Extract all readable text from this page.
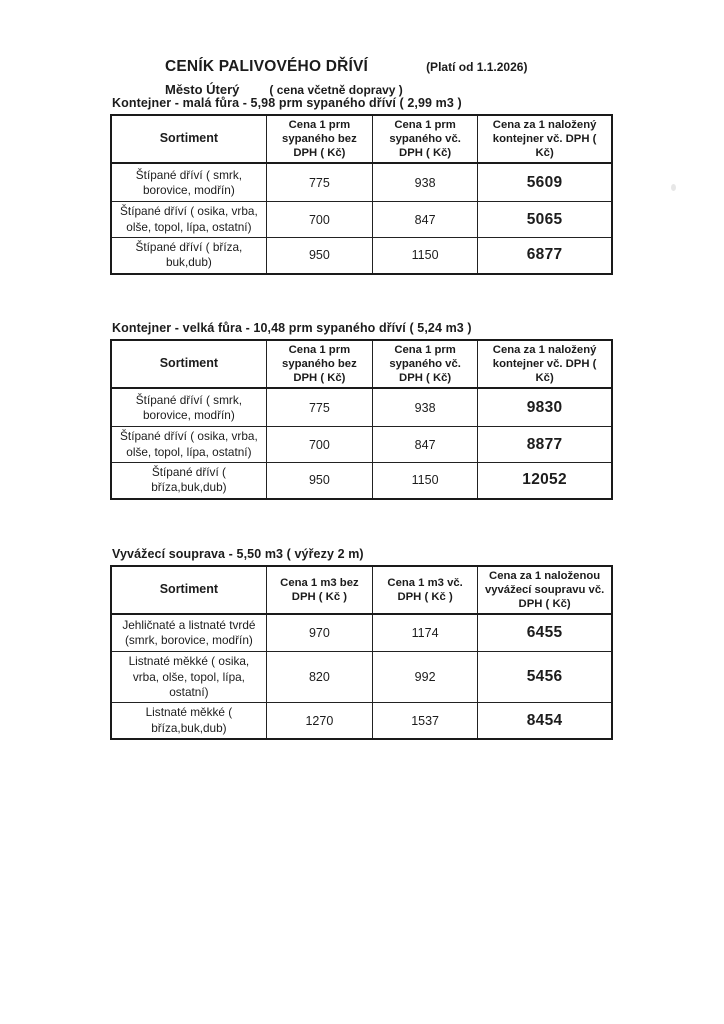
CENÍK PALIVOVÉHO DŘÍVÍ	(Platí od 1.1.2026)
Město Úterý	( cena včetně dopravy )
Kontejner - malá fůra - 5,98 prm sypaného dříví ( 2,99 m3 )
Sortiment	Cena 1 prm sypaného bez DPH ( Kč)	Cena 1 prm sypaného vč. DPH ( Kč)	Cena za 1 naložený kontejner vč. DPH ( Kč)
Štípané dříví ( smrk, borovice, modřín)	775	938	5609
Štípané dříví ( osika, vrba, olše, topol, lípa, ostatní)	700	847	5065
Štípané dříví ( bříza, buk,dub)	950	1150	6877
Kontejner - velká fůra - 10,48 prm sypaného dříví ( 5,24 m3 )
Sortiment	Cena 1 prm sypaného bez DPH ( Kč)	Cena 1 prm sypaného vč. DPH ( Kč)	Cena za 1 naložený kontejner vč. DPH ( Kč)
Štípané dříví ( smrk, borovice, modřín)	775	938	9830
Štípané dříví ( osika, vrba, olše, topol, lípa, ostatní)	700	847	8877
Štípané dříví ( bříza,buk,dub)	950	1150	12052
Vyvážecí souprava - 5,50 m3 ( výřezy 2 m)
Sortiment	Cena 1 m3 bez DPH ( Kč )	Cena 1 m3 vč. DPH ( Kč )	Cena za 1 naloženou vyvážecí soupravu vč. DPH ( Kč)
Jehličnaté a listnaté tvrdé (smrk, borovice, modřín)	970	1174	6455
Listnaté měkké ( osika, vrba, olše, topol, lípa, ostatní)	820	992	5456
Listnaté měkké ( bříza,buk,dub)	1270	1537	8454
